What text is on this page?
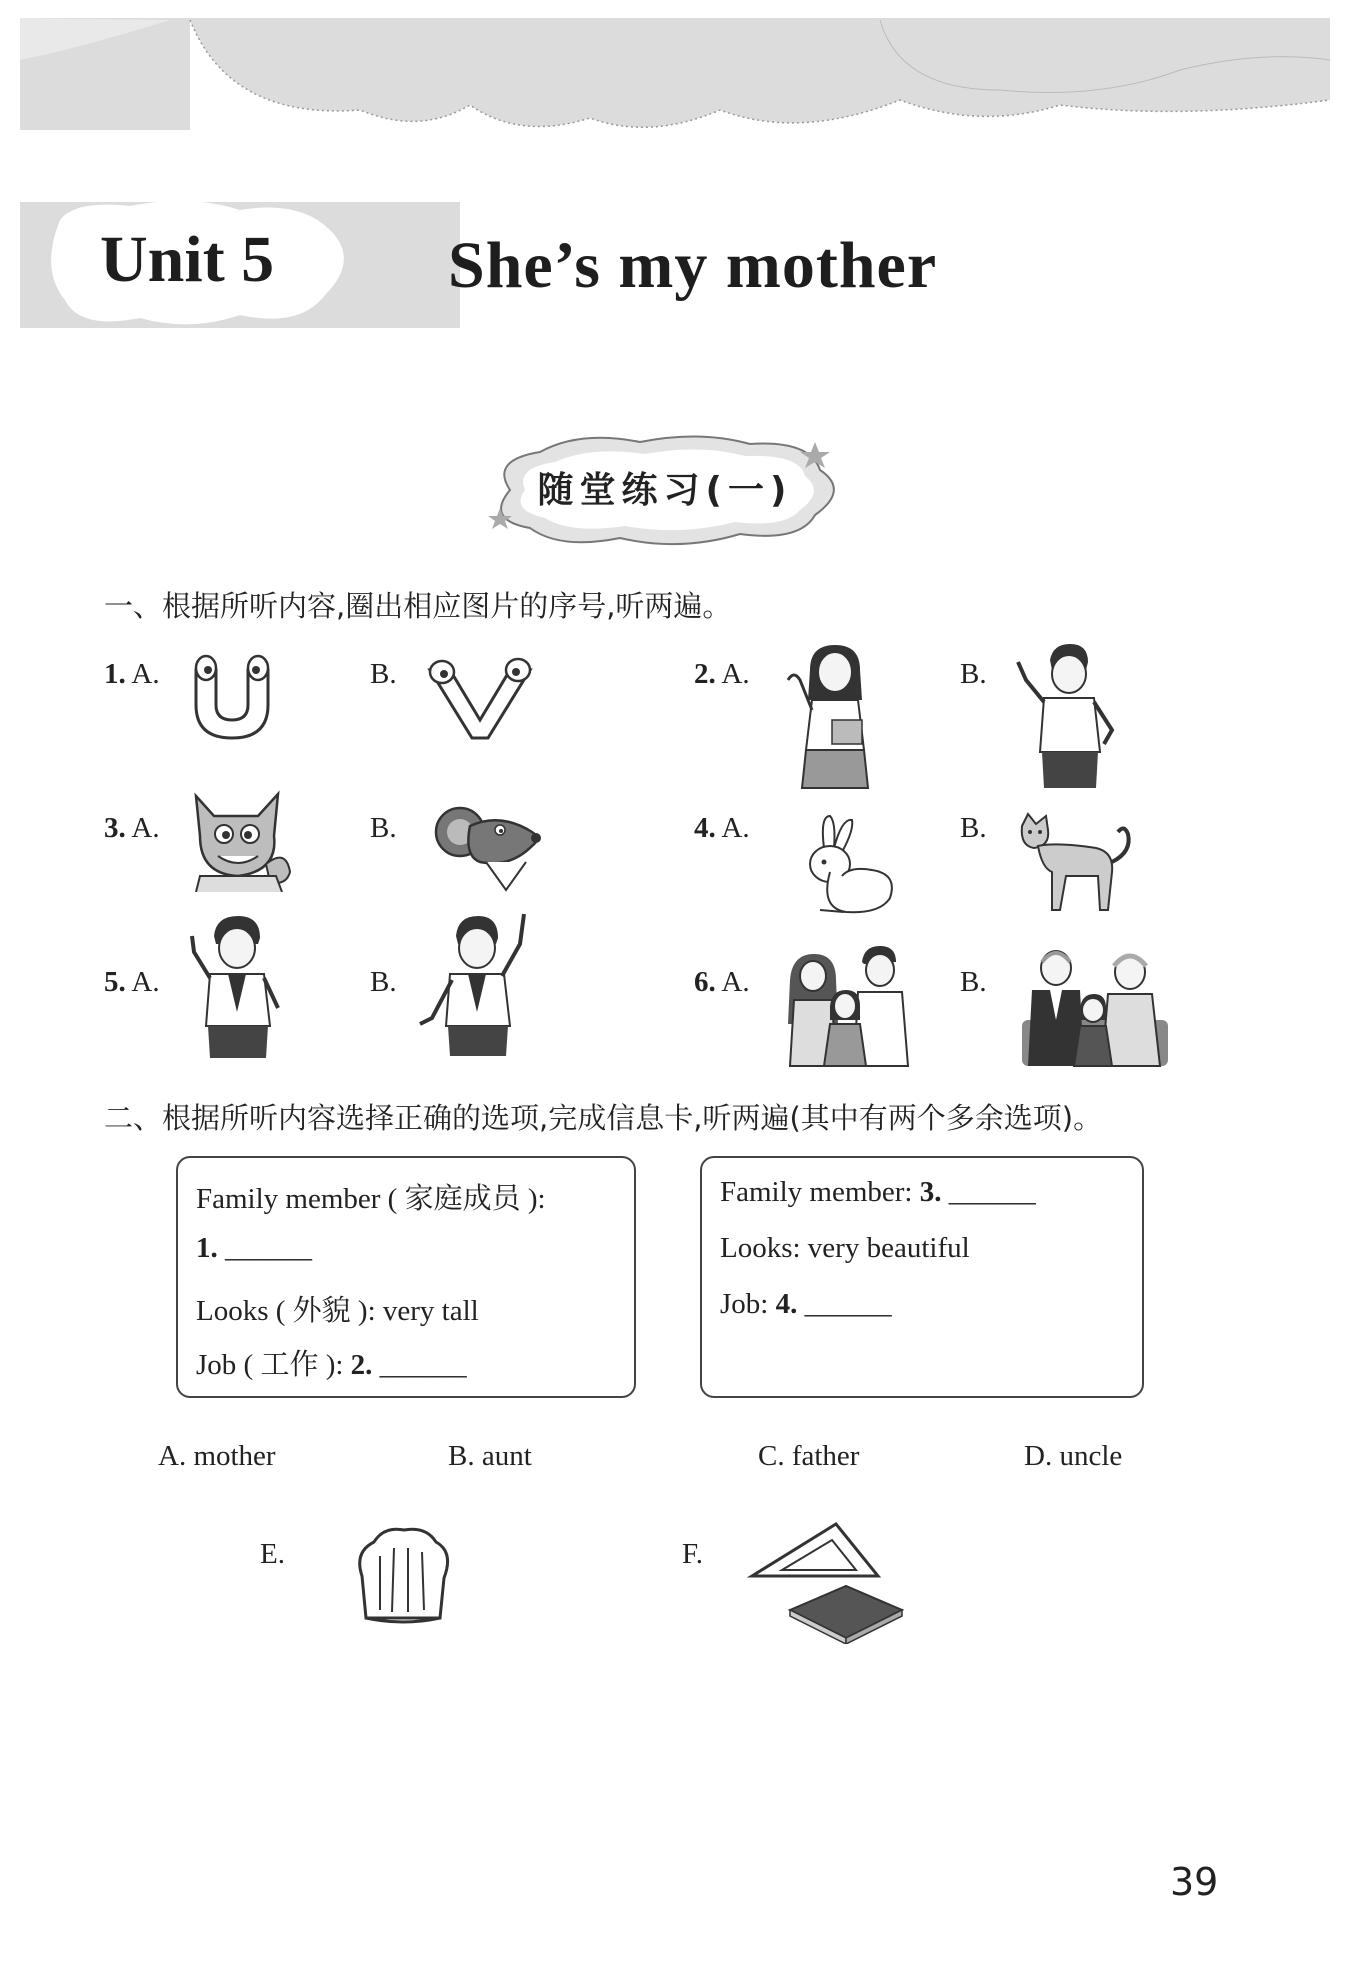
Unit 5	She’s my mother
随堂练习(一)
一、根据所听内容,圈出相应图片的序号,听两遍。
1. A.	B.	2. A.	B.
3. A.	B.	4. A.	B.
5. A.	B.	6. A.	B.
二、根据所听内容选择正确的选项,完成信息卡,听两遍(其中有两个多余选项)。
Family member ( 家庭成员 ):
1. ______
Looks ( 外貌 ): very tall
Job ( 工作 ): 2. ______
Family member: 3. ______
Looks: very beautiful
Job: 4. ______
A. mother	B. aunt	C. father	D. uncle
E.	F.
39
